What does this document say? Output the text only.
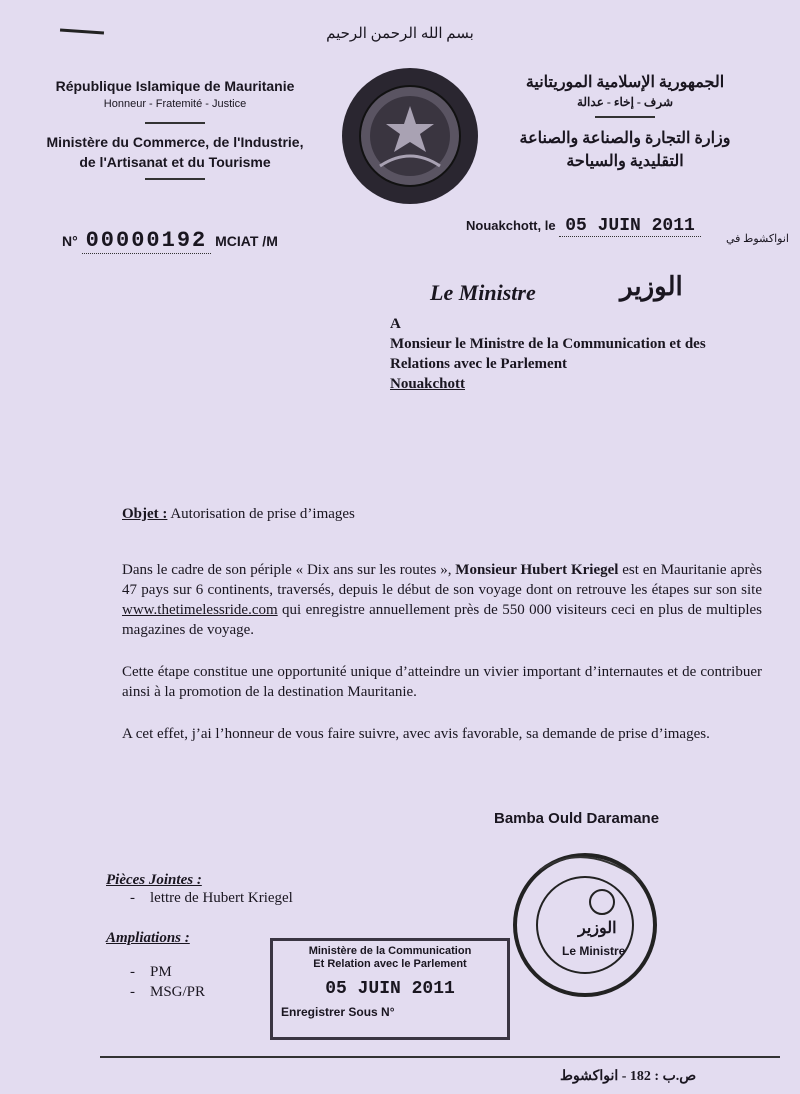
بسم الله الرحمن الرحيم
République Islamique de Mauritanie
Honneur - Fratemité - Justice
Ministère du Commerce, de l'Industrie,
de l'Artisanat et du Tourisme
الجمهورية الإسلامية الموريتانية
شرف - إخاء - عدالة
وزارة التجارة والصناعة والصناعة
التقليدية والسياحة
N° 00000192 MCIAT /M
Nouakchott, le 05 JUIN 2011
انواكشوط في
Le Ministre	الوزير
A
Monsieur le Ministre de la Communication et des
Relations avec le Parlement
Nouakchott
Objet : Autorisation de prise d’images

Dans le cadre de son périple « Dix ans sur les routes », Monsieur Hubert Kriegel est en Mauritanie après 47 pays sur 6 continents, traversés, depuis le début de son voyage dont on retrouve les étapes sur son site www.thetimelessride.com qui enregistre annuellement près de 550 000 visiteurs ceci en plus de multiples magazines de voyage.

Cette étape constitue une opportunité unique d’atteindre un vivier important d’internautes et de contribuer ainsi à la promotion de la destination Mauritanie.

A cet effet, j’ai l’honneur de vous faire suivre, avec avis favorable, sa demande de prise d’images.

Bamba Ould Daramane
Pièces Jointes :
-    lettre de Hubert Kriegel
Ampliations :
-    PM
-    MSG/PR
Ministère de la Communication
Et Relation avec le Parlement
05 JUIN 2011
Enregistrer Sous N°
الوزير
Le Ministre
ص.ب : 182 - انواكشوط
